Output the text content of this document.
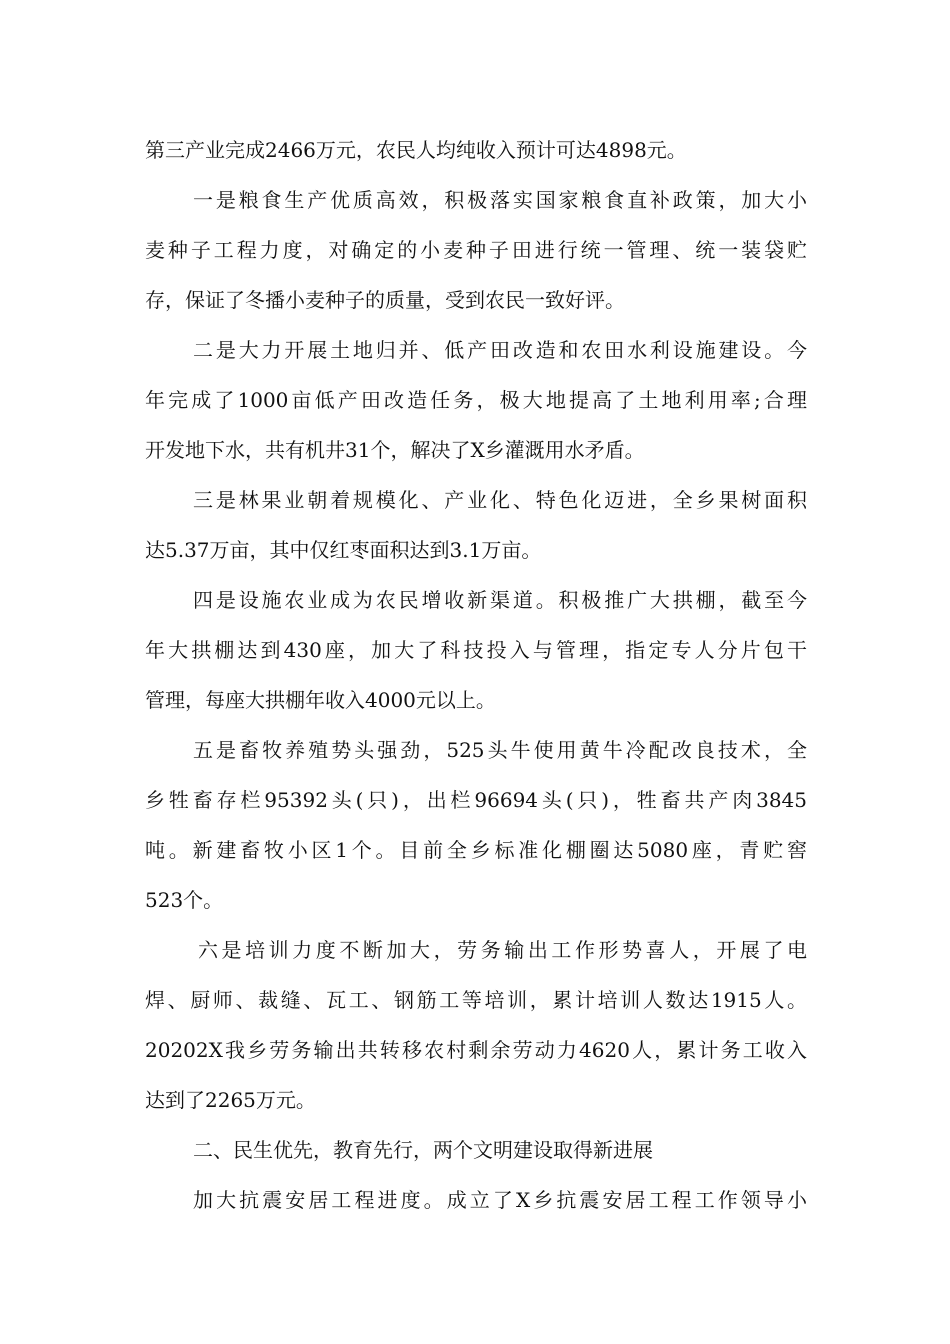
第三产业完成2466万元，农民人均纯收入预计可达4898元。
一是粮食生产优质高效，积极落实国家粮食直补政策，加大小
麦种子工程力度，对确定的小麦种子田进行统一管理、统一装袋贮
存，保证了冬播小麦种子的质量，受到农民一致好评。
二是大力开展土地归并、低产田改造和农田水利设施建设。今
年完成了1000亩低产田改造任务，极大地提高了土地利用率;合理
开发地下水，共有机井31个，解决了X乡灌溉用水矛盾。
三是林果业朝着规模化、产业化、特色化迈进，全乡果树面积
达5.37万亩，其中仅红枣面积达到3.1万亩。
四是设施农业成为农民增收新渠道。积极推广大拱棚，截至今
年大拱棚达到430座，加大了科技投入与管理，指定专人分片包干
管理，每座大拱棚年收入4000元以上。
五是畜牧养殖势头强劲，525头牛使用黄牛冷配改良技术，全
乡牲畜存栏95392头(只)，出栏96694头(只)，牲畜共产肉3845
吨。新建畜牧小区1个。目前全乡标准化棚圈达5080座，青贮窖
523个。
六是培训力度不断加大，劳务输出工作形势喜人，开展了电
焊、厨师、裁缝、瓦工、钢筋工等培训，累计培训人数达1915人。
20202X我乡劳务输出共转移农村剩余劳动力4620人，累计务工收入
达到了2265万元。
二、民生优先，教育先行，两个文明建设取得新进展
加大抗震安居工程进度。成立了X乡抗震安居工程工作领导小
